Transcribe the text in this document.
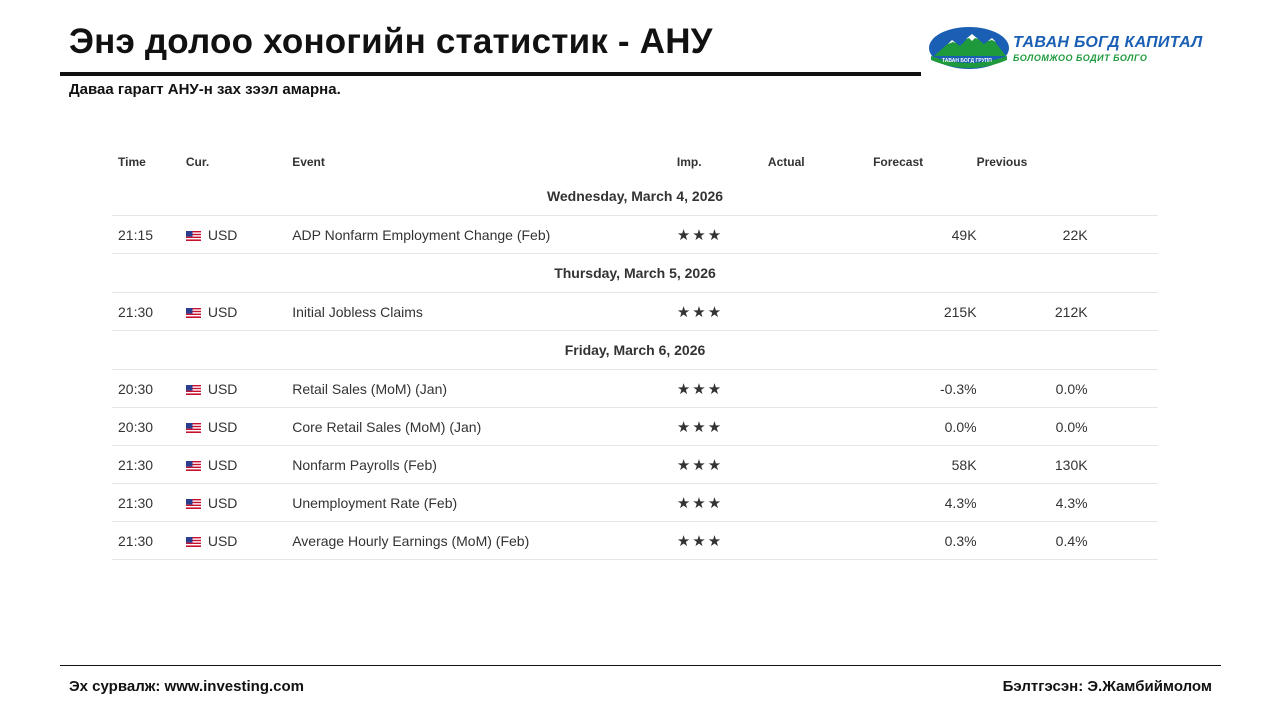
Энэ долоо хоногийн статистик - АНУ
Даваа гарагт АНУ-н зах зээл амарна.
ТАВАН БОГД ГРУПП
ТАВАН БОГД КАПИТАЛ
БОЛОМЖОО БОДИТ БОЛГО
Time	Cur.	Event	Imp.	Actual	Forecast	Previous	
Wednesday, March 4, 2026							
21:15	USD	ADP Nonfarm Employment Change (Feb)	★★★		49K	22K	
Thursday, March 5, 2026							
21:30	USD	Initial Jobless Claims	★★★		215K	212K	
Friday, March 6, 2026							
20:30	USD	Retail Sales (MoM) (Jan)	★★★		-0.3%	0.0%	
20:30	USD	Core Retail Sales (MoM) (Jan)	★★★		0.0%	0.0%	
21:30	USD	Nonfarm Payrolls (Feb)	★★★		58K	130K	
21:30	USD	Unemployment Rate (Feb)	★★★		4.3%	4.3%	
21:30	USD	Average Hourly Earnings (MoM) (Feb)	★★★		0.3%	0.4%	
Эх сурвалж: www.investing.com	Бэлтгэсэн: Э.Жамбиймолом
